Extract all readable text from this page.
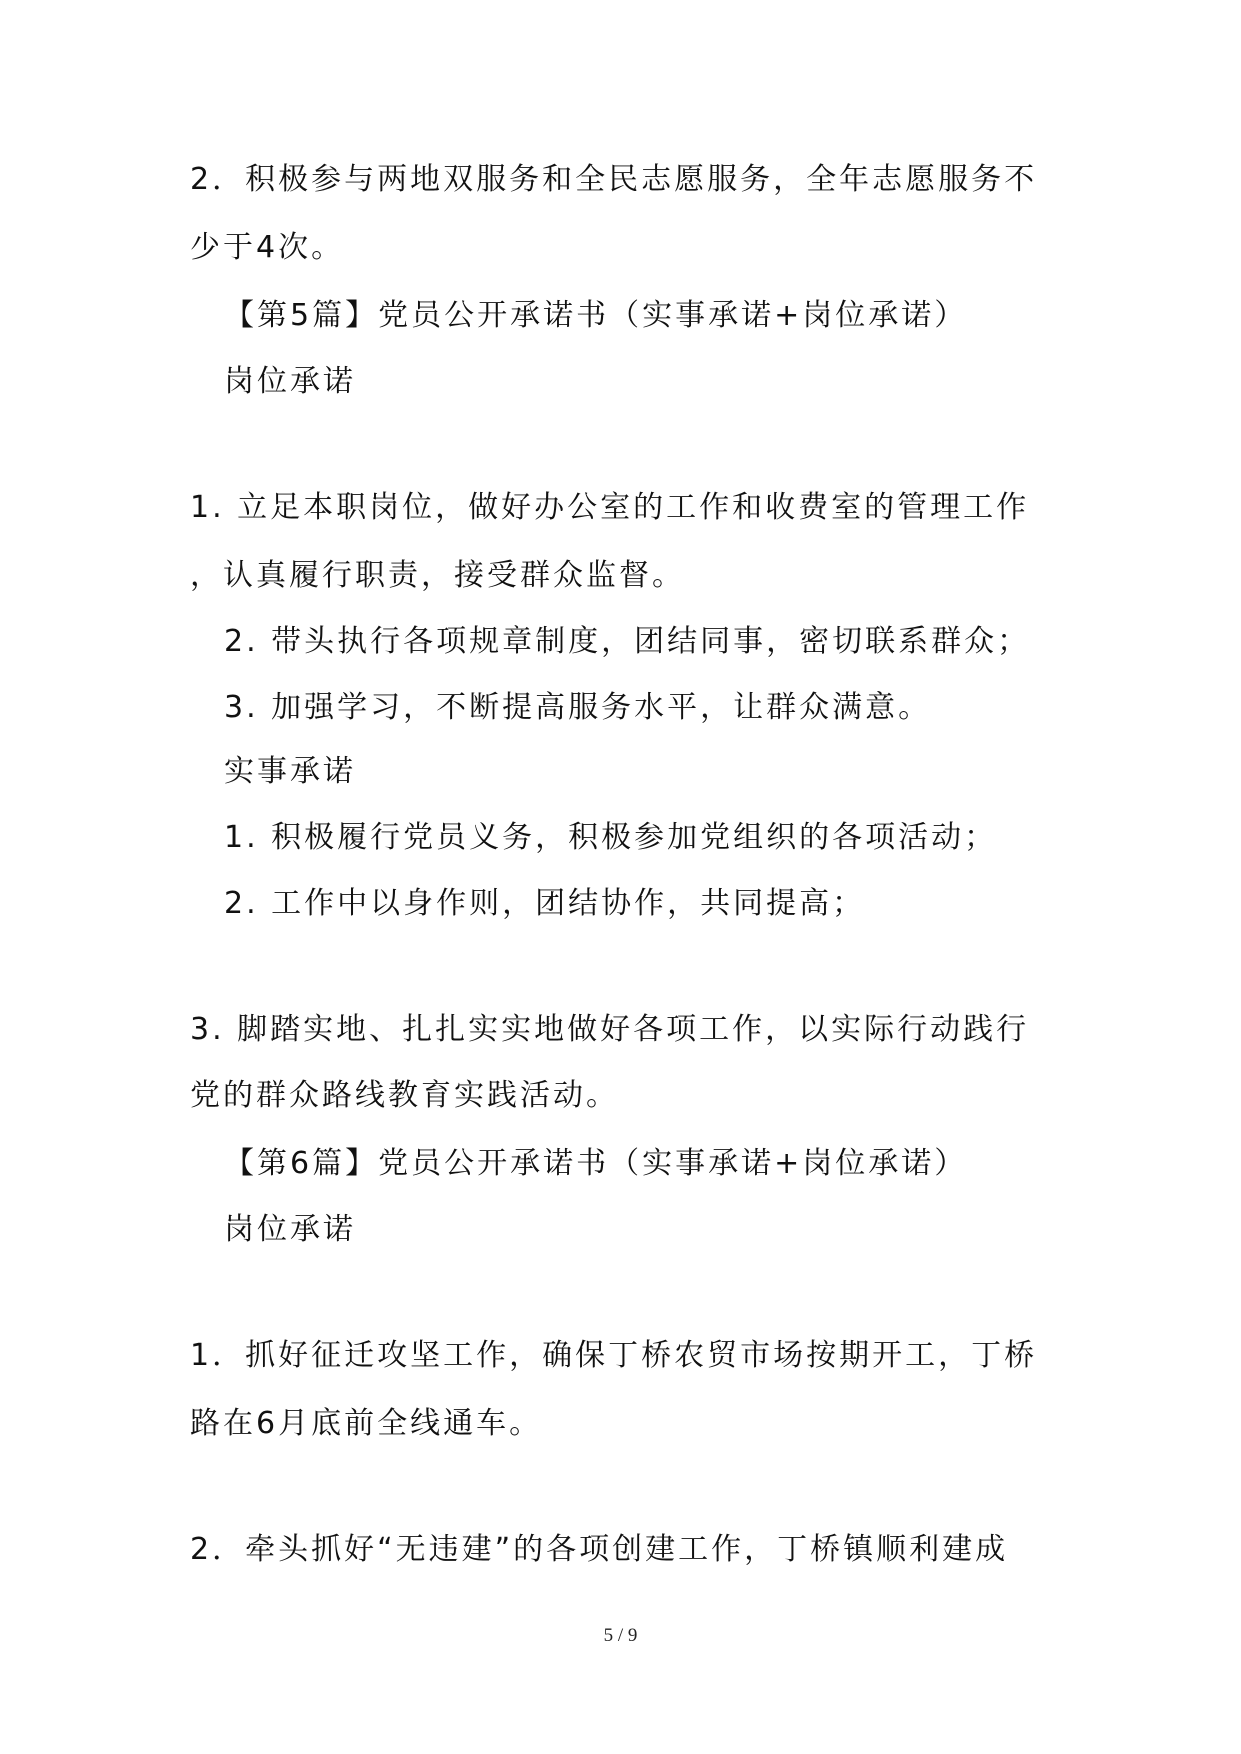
2．积极参与两地双服务和全民志愿服务，全年志愿服务不
少于4次。
【第5篇】党员公开承诺书（实事承诺+岗位承诺）
岗位承诺
1. 立足本职岗位，做好办公室的工作和收费室的管理工作
，认真履行职责，接受群众监督。
2. 带头执行各项规章制度，团结同事，密切联系群众；
3. 加强学习，不断提高服务水平，让群众满意。
实事承诺
1. 积极履行党员义务，积极参加党组织的各项活动；
2. 工作中以身作则，团结协作，共同提高；
3. 脚踏实地、扎扎实实地做好各项工作，以实际行动践行
党的群众路线教育实践活动。
【第6篇】党员公开承诺书（实事承诺+岗位承诺）
岗位承诺
1．抓好征迁攻坚工作，确保丁桥农贸市场按期开工，丁桥
路在6月底前全线通车。
2．牵头抓好“无违建”的各项创建工作，丁桥镇顺利建成
5 / 9
